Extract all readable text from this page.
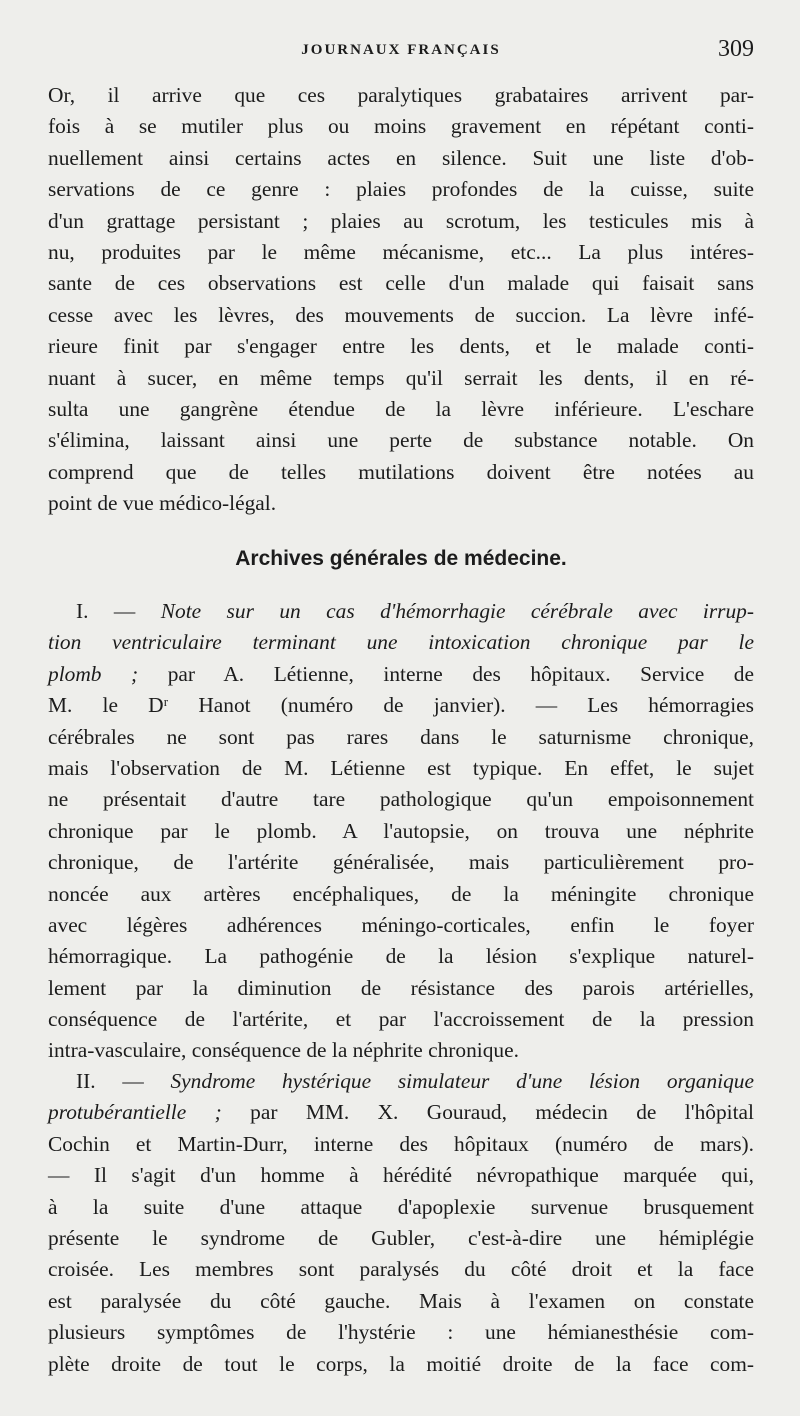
JOURNAUX FRANÇAIS	309
Or, il arrive que ces paralytiques grabataires arrivent par-
fois à se mutiler plus ou moins gravement en répétant conti-
nuellement ainsi certains actes en silence. Suit une liste d'ob-
servations de ce genre : plaies profondes de la cuisse, suite
d'un grattage persistant ; plaies au scrotum, les testicules mis à
nu, produites par le même mécanisme, etc... La plus intéres-
sante de ces observations est celle d'un malade qui faisait sans
cesse avec les lèvres, des mouvements de succion. La lèvre infé-
rieure finit par s'engager entre les dents, et le malade conti-
nuant à sucer, en même temps qu'il serrait les dents, il en ré-
sulta une gangrène étendue de la lèvre inférieure. L'eschare
s'élimina, laissant ainsi une perte de substance notable. On
comprend que de telles mutilations doivent être notées au
point de vue médico-légal.
Archives générales de médecine.
I. — Note sur un cas d'hémorrhagie cérébrale avec irrup-
tion ventriculaire terminant une intoxication chronique par le
plomb ; par A. Létienne, interne des hôpitaux. Service de
M. le Dʳ Hanot (numéro de janvier). — Les hémorragies
cérébrales ne sont pas rares dans le saturnisme chronique,
mais l'observation de M. Létienne est typique. En effet, le sujet
ne présentait d'autre tare pathologique qu'un empoisonnement
chronique par le plomb. A l'autopsie, on trouva une néphrite
chronique, de l'artérite généralisée, mais particulièrement pro-
noncée aux artères encéphaliques, de la méningite chronique
avec légères adhérences méningo-corticales, enfin le foyer
hémorragique. La pathogénie de la lésion s'explique naturel-
lement par la diminution de résistance des parois artérielles,
conséquence de l'artérite, et par l'accroissement de la pression
intra-vasculaire, conséquence de la néphrite chronique.
II. — Syndrome hystérique simulateur d'une lésion organique
protubérantielle ; par MM. X. Gouraud, médecin de l'hôpital
Cochin et Martin-Durr, interne des hôpitaux (numéro de mars).
— Il s'agit d'un homme à hérédité névropathique marquée qui,
à la suite d'une attaque d'apoplexie survenue brusquement
présente le syndrome de Gubler, c'est-à-dire une hémiplégie
croisée. Les membres sont paralysés du côté droit et la face
est paralysée du côté gauche. Mais à l'examen on constate
plusieurs symptômes de l'hystérie : une hémianesthésie com-
plète droite de tout le corps, la moitié droite de la face com-
